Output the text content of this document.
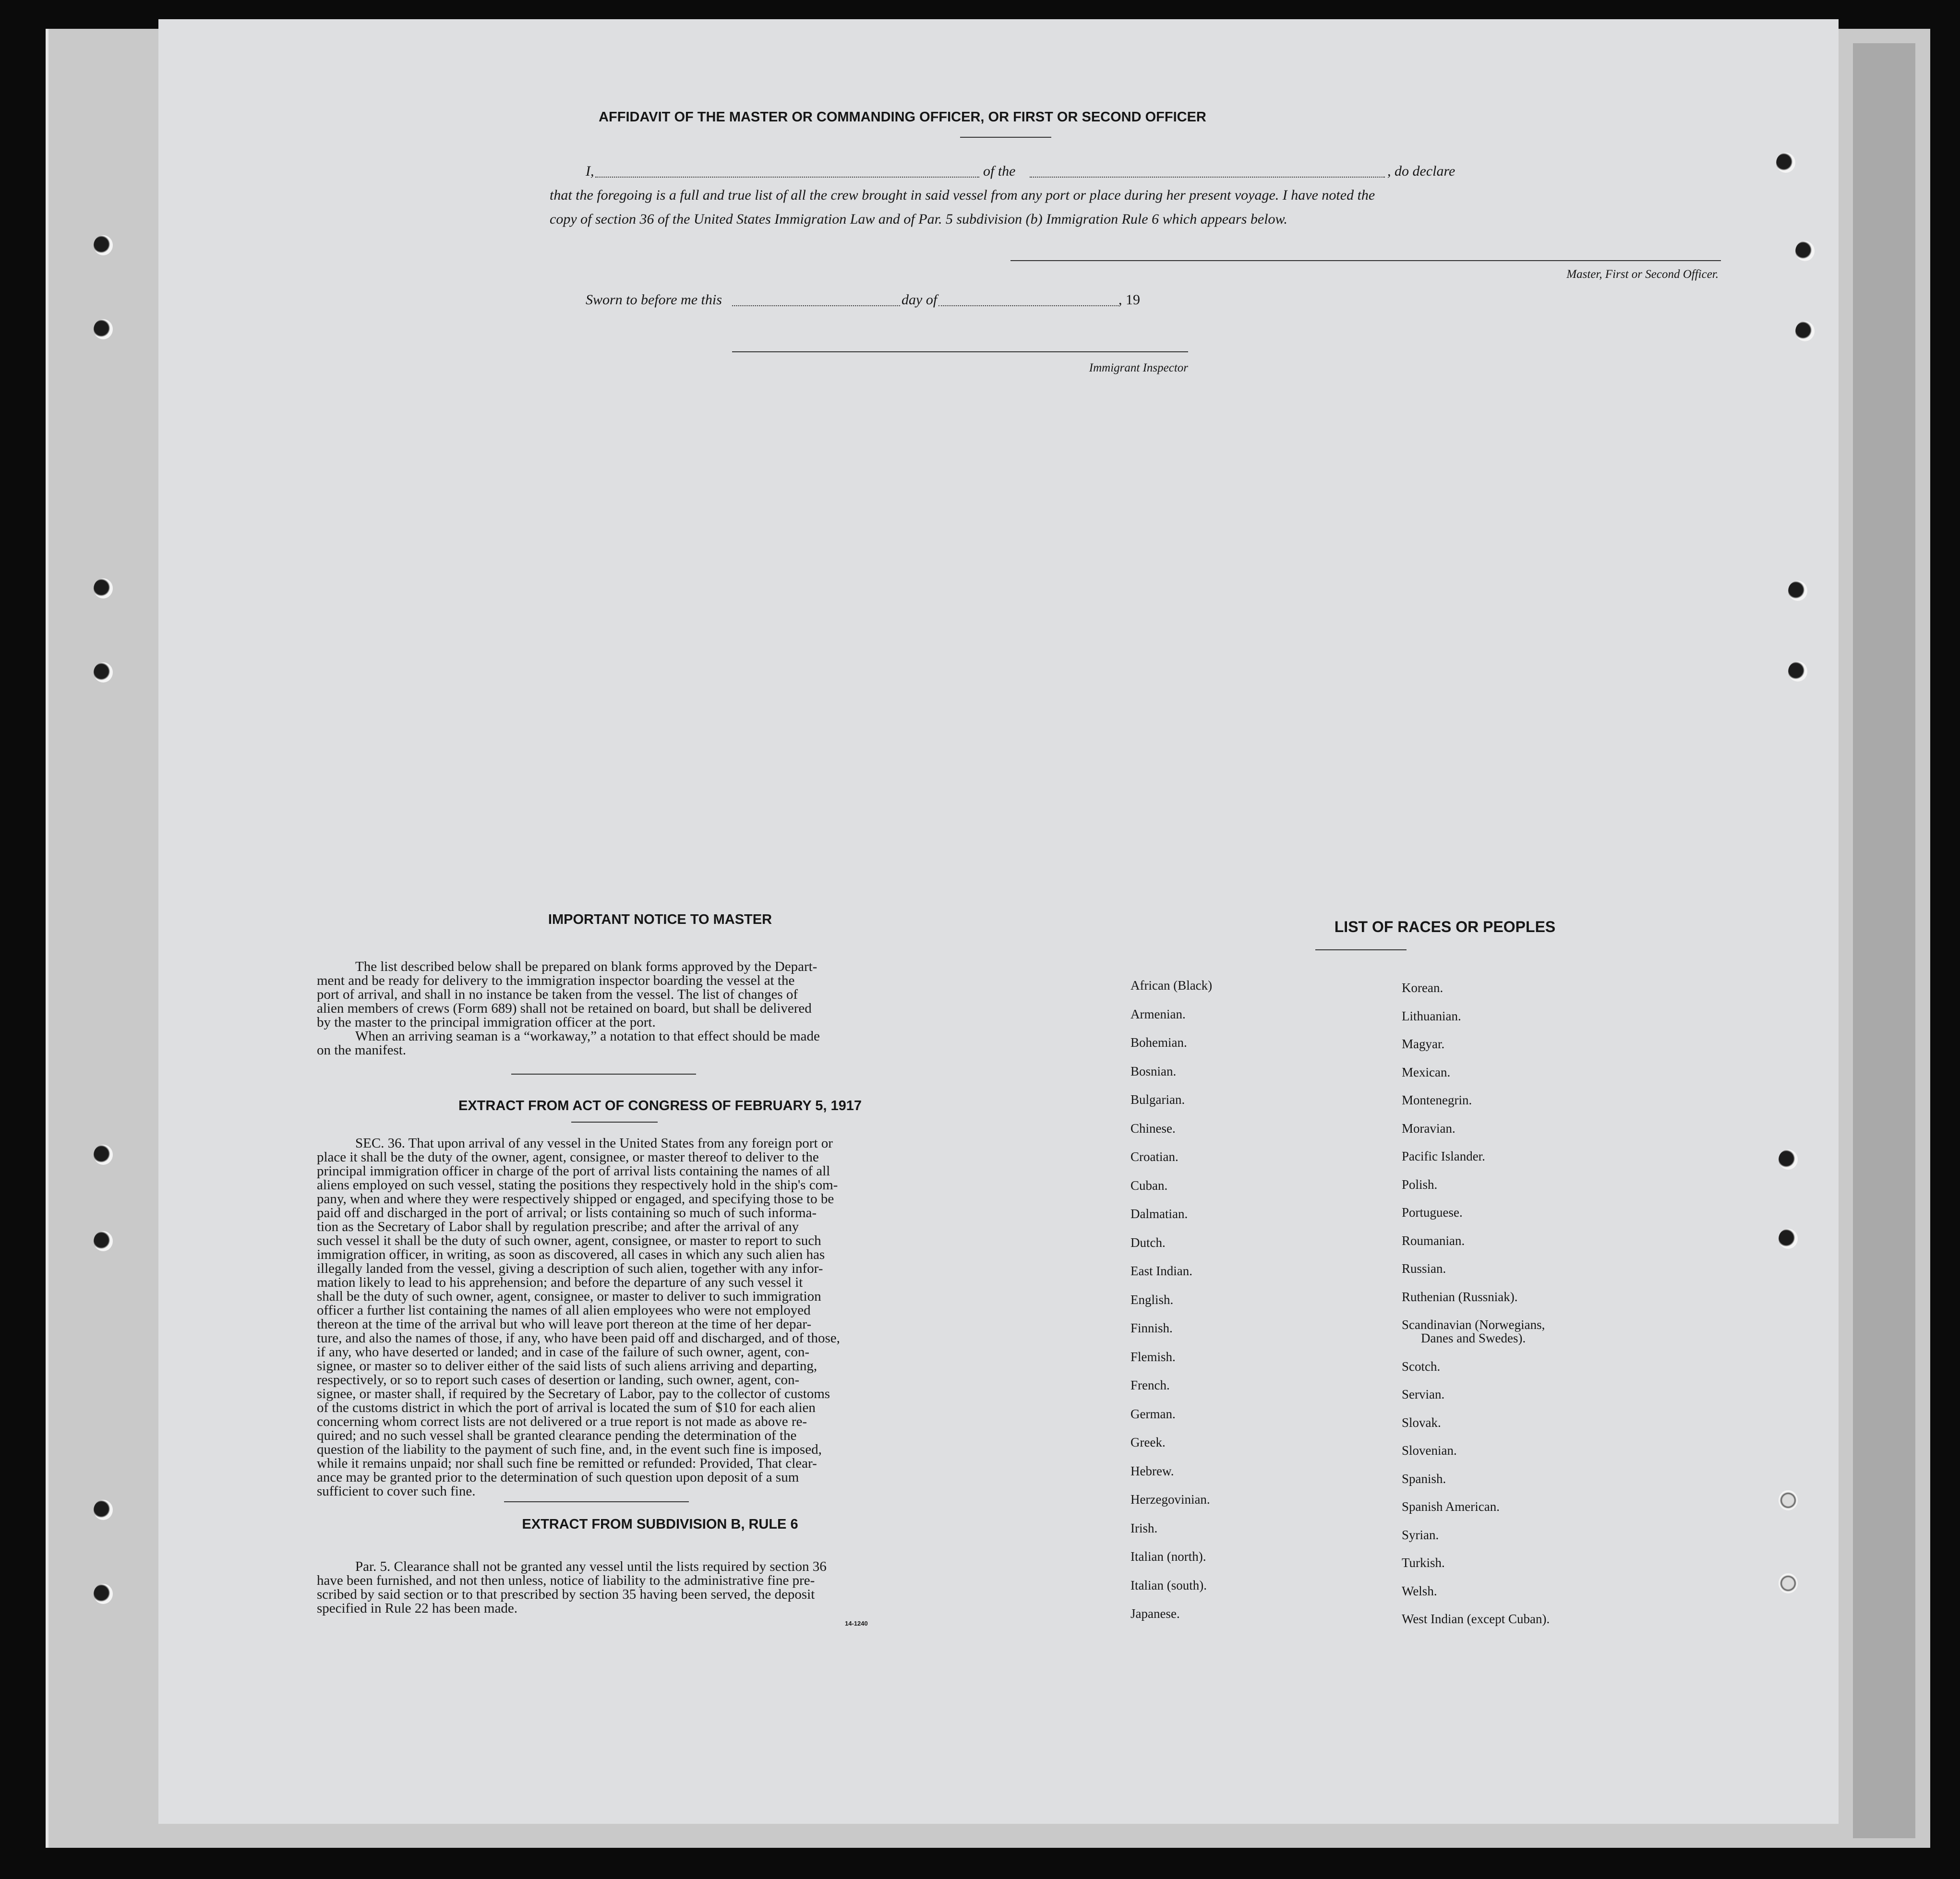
AFFIDAVIT OF THE MASTER OR COMMANDING OFFICER, OR FIRST OR SECOND OFFICER
I,	of the	, do declare
that the foregoing is a full and true list of all the crew brought in said vessel from any port or place during her present voyage. I have noted the
copy of section 36 of the United States Immigration Law and of Par. 5 subdivision (b) Immigration Rule 6 which appears below.
Master, First or Second Officer.
Sworn to before me this	day of	, 19
Immigrant Inspector
IMPORTANT NOTICE TO MASTER
The list described below shall be prepared on blank forms approved by the Depart-
ment and be ready for delivery to the immigration inspector boarding the vessel at the
port of arrival, and shall in no instance be taken from the vessel. The list of changes of
alien members of crews (Form 689) shall not be retained on board, but shall be delivered
by the master to the principal immigration officer at the port.
When an arriving seaman is a “workaway,” a notation to that effect should be made
on the manifest.
EXTRACT FROM ACT OF CONGRESS OF FEBRUARY 5, 1917
SEC. 36. That upon arrival of any vessel in the United States from any foreign port or
place it shall be the duty of the owner, agent, consignee, or master thereof to deliver to the
principal immigration officer in charge of the port of arrival lists containing the names of all
aliens employed on such vessel, stating the positions they respectively hold in the ship's com-
pany, when and where they were respectively shipped or engaged, and specifying those to be
paid off and discharged in the port of arrival; or lists containing so much of such informa-
tion as the Secretary of Labor shall by regulation prescribe; and after the arrival of any
such vessel it shall be the duty of such owner, agent, consignee, or master to report to such
immigration officer, in writing, as soon as discovered, all cases in which any such alien has
illegally landed from the vessel, giving a description of such alien, together with any infor-
mation likely to lead to his apprehension; and before the departure of any such vessel it
shall be the duty of such owner, agent, consignee, or master to deliver to such immigration
officer a further list containing the names of all alien employees who were not employed
thereon at the time of the arrival but who will leave port thereon at the time of her depar-
ture, and also the names of those, if any, who have been paid off and discharged, and of those,
if any, who have deserted or landed; and in case of the failure of such owner, agent, con-
signee, or master so to deliver either of the said lists of such aliens arriving and departing,
respectively, or so to report such cases of desertion or landing, such owner, agent, con-
signee, or master shall, if required by the Secretary of Labor, pay to the collector of customs
of the customs district in which the port of arrival is located the sum of $10 for each alien
concerning whom correct lists are not delivered or a true report is not made as above re-
quired; and no such vessel shall be granted clearance pending the determination of the
question of the liability to the payment of such fine, and, in the event such fine is imposed,
while it remains unpaid; nor shall such fine be remitted or refunded: Provided, That clear-
ance may be granted prior to the determination of such question upon deposit of a sum
sufficient to cover such fine.
EXTRACT FROM SUBDIVISION B, RULE 6
Par. 5. Clearance shall not be granted any vessel until the lists required by section 36
have been furnished, and not then unless, notice of liability to the administrative fine pre-
scribed by said section or to that prescribed by section 35 having been served, the deposit
specified in Rule 22 has been made.
14-1240
LIST OF RACES OR PEOPLES
African (Black)
Armenian.
Bohemian.
Bosnian.
Bulgarian.
Chinese.
Croatian.
Cuban.
Dalmatian.
Dutch.
East Indian.
English.
Finnish.
Flemish.
French.
German.
Greek.
Hebrew.
Herzegovinian.
Irish.
Italian (north).
Italian (south).
Japanese.
Korean.
Lithuanian.
Magyar.
Mexican.
Montenegrin.
Moravian.
Pacific Islander.
Polish.
Portuguese.
Roumanian.
Russian.
Ruthenian (Russniak).
Scandinavian (Norwegians,
Danes and Swedes).
Scotch.
Servian.
Slovak.
Slovenian.
Spanish.
Spanish American.
Syrian.
Turkish.
Welsh.
West Indian (except Cuban).
